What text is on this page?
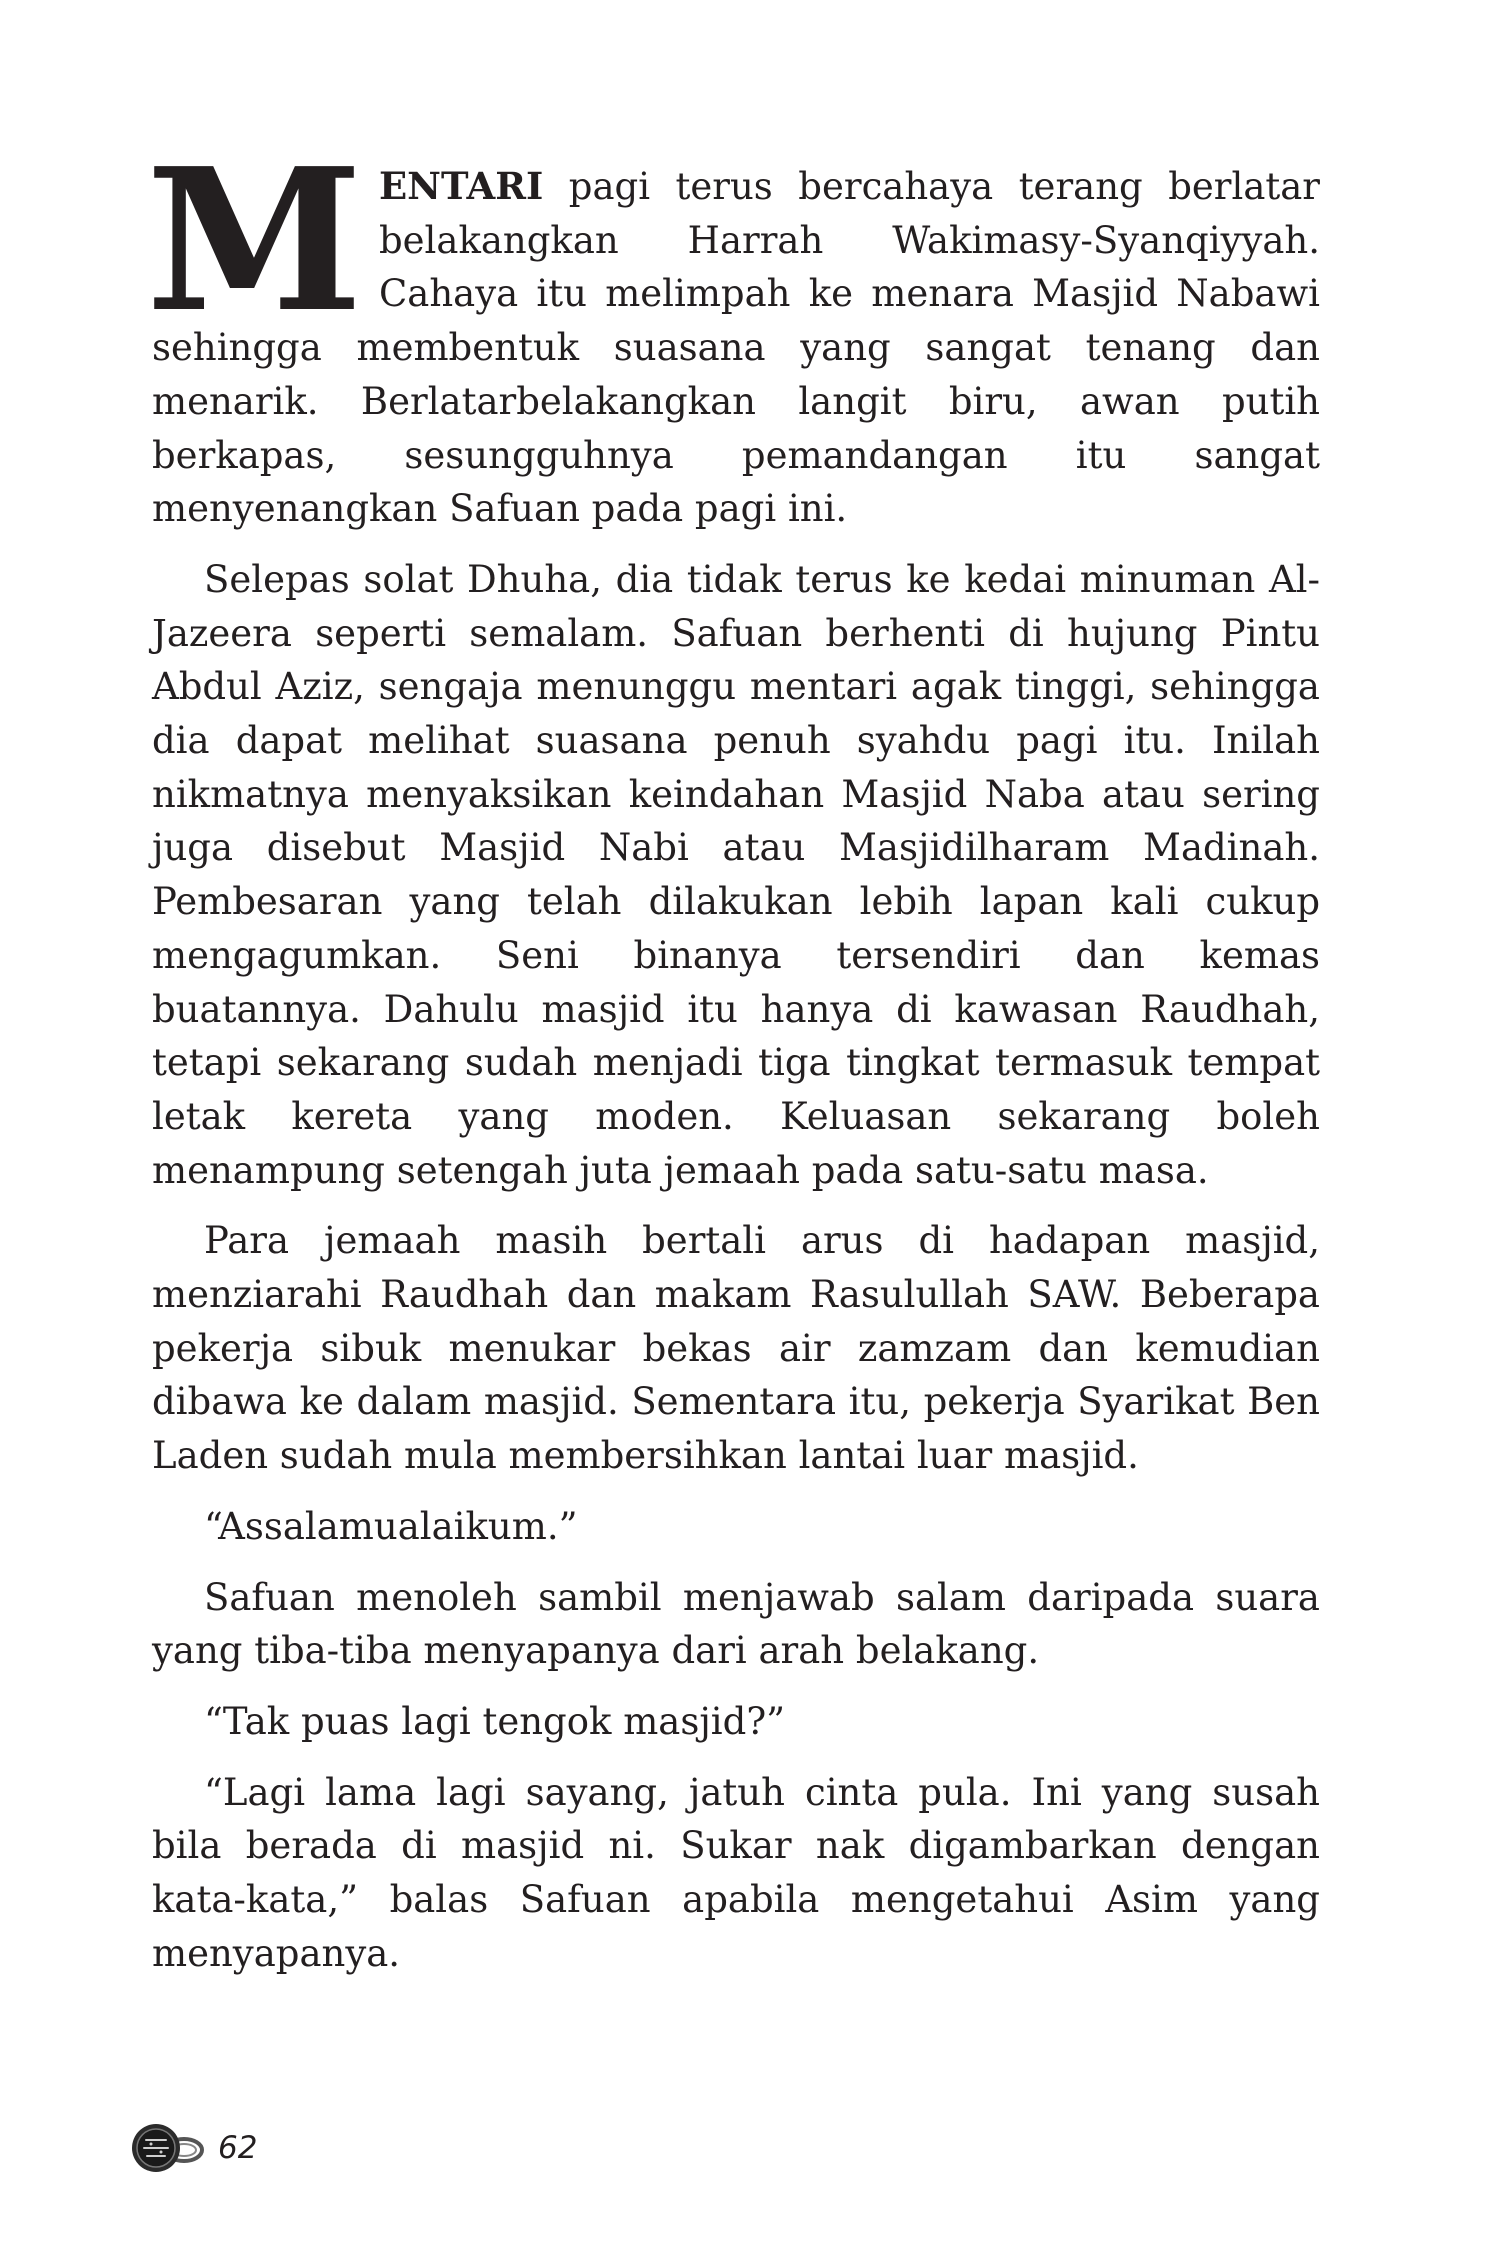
MENTARI pagi terus bercahaya terang berlatar belakangkan Harrah Wakimasy-Syanqiyyah. Cahaya itu melimpah ke menara Masjid Nabawi sehingga membentuk suasana yang sangat tenang dan menarik. Berlatarbelakangkan langit biru, awan putih berkapas, sesungguhnya pemandangan itu sangat menyenangkan Safuan pada pagi ini.

Selepas solat Dhuha, dia tidak terus ke kedai minuman Al-Jazeera seperti semalam. Safuan berhenti di hujung Pintu Abdul Aziz, sengaja menunggu mentari agak tinggi, sehingga dia dapat melihat suasana penuh syahdu pagi itu. Inilah nikmatnya menyaksikan keindahan Masjid Naba atau sering juga disebut Masjid Nabi atau Masjidilharam Madinah. Pembesaran yang telah dilakukan lebih lapan kali cukup mengagumkan. Seni binanya tersendiri dan kemas buatannya. Dahulu masjid itu hanya di kawasan Raudhah, tetapi sekarang sudah menjadi tiga tingkat termasuk tempat letak kereta yang moden. Keluasan sekarang boleh menampung setengah juta jemaah pada satu-satu masa.

Para jemaah masih bertali arus di hadapan masjid, menziarahi Raudhah dan makam Rasulullah SAW. Beberapa pekerja sibuk menukar bekas air zamzam dan kemudian dibawa ke dalam masjid. Sementara itu, pekerja Syarikat Ben Laden sudah mula membersihkan lantai luar masjid.

“Assalamualaikum.”

Safuan menoleh sambil menjawab salam daripada suara yang tiba-tiba menyapanya dari arah belakang.

“Tak puas lagi tengok masjid?”

“Lagi lama lagi sayang, jatuh cinta pula. Ini yang susah bila berada di masjid ni. Sukar nak digambarkan dengan kata-kata,” balas Safuan apabila mengetahui Asim yang menyapanya.

62
